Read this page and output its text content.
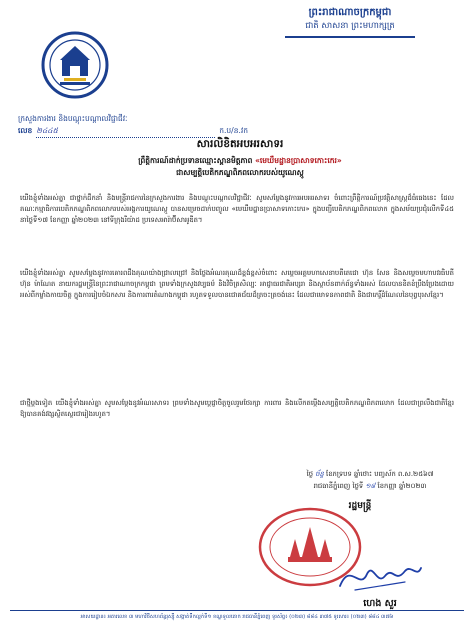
ព្រះរាជាណាចក្រកម្ពុជា
ជាតិ សាសនា ព្រះមហាក្សត្រ
ក្រសួងការងារ និងបណ្តុះបណ្តាលវិជ្ជាជីវៈ
លេខ ២៤៤៥	ក.ប/ន.វក
សារលិខិតអបអរសាទរ
ព្រឹត្តិការណ៍ដាក់ប្រទានឈ្មោះស្ពានមិត្តភាព «មេឃឹមដ្ឋានប្រាសាទកោះកេរ»
ជាសម្បត្តិបេតិកភណ្ឌពិភពលោករបស់យូណេស្កូ
យើងខ្ញុំទាំងអស់គ្នា ជាថ្នាក់ដឹកនាំ និងមន្ត្រីរាជការនៃក្រសួងការងារ និងបណ្តុះបណ្តាលវិជ្ជាជីវៈ សូមសម្តែងនូវការអបអរសាទរ ចំពោះព្រឹត្តិការណ៍ប្រវត្តិសាស្ត្រដ៏ធំធេងនេះ ដែលគណៈកម្មាធិការបេតិកភណ្ឌពិភពលោករបស់អង្គការយូណេស្កូ បានសម្រេចដាក់បញ្ចូល «មេឃឹមដ្ឋានប្រាសាទកោះកេរ» ក្នុងបញ្ជីបេតិកភណ្ឌពិភពលោក ក្នុងសម័យប្រជុំលើកទី៤៥ នាថ្ងៃទី១៧ ខែកញ្ញា ឆ្នាំ២០២៣ នៅទីក្រុងរីយ៉ាដ ប្រទេសអារ៉ាប៊ីសាអូឌីត។
យើងខ្ញុំទាំងអស់គ្នា សូមសម្តែងនូវការគោរពដឹងគុណយ៉ាងជ្រាលជ្រៅ និងថ្លែងអំណរគុណដ៏ខ្ពង់ខ្ពស់ចំពោះ សម្តេចអគ្គមហាសេនាបតីតេជោ ហ៊ុន សែន និងសម្តេចមហាបវរធិបតី ហ៊ុន ម៉ាណែត នាយករដ្ឋមន្ត្រីនៃព្រះរាជាណាចក្រកម្ពុជា ព្រមទាំងក្រសួងវប្បធម៌ និងវិចិត្រសិល្បៈ អាជ្ញាធរជាតិអប្សរា និងស្ថាប័នពាក់ព័ន្ធទាំងអស់ ដែលបានខិតខំប្រឹងប្រែងដោយអស់ពីកម្លាំងកាយចិត្ត ក្នុងការរៀបចំឯកសារ និងការពារតំណាងកម្ពុជា រហូតទទួលបានជោគជ័យដ៏ត្រចះត្រចង់នេះ ដែលជាមោទនភាពជាតិ និងជាកេរ្តិ៍ដំណែលនៃបុព្វបុរសខ្មែរ។
ជាថ្មីម្តងទៀត យើងខ្ញុំទាំងអស់គ្នា សូមសម្តែងនូវអំណរសាទរ ព្រមទាំងសូមប្តេជ្ញាចិត្តចូលរួមថែរក្សា ការពារ និងលើកតម្កើងសម្បត្តិបេតិកភណ្ឌពិភពលោក ដែលជាព្រលឹងជាតិខ្មែរ ឱ្យបានគង់វង្សស្ថិតស្ថេរជារៀងរហូត។
ថ្ងៃ ច័ន្ទ ខែភទ្របទ ឆ្នាំថោះ បញ្ចស័ក ព.ស.២៥៦៧
រាជធានីភ្នំពេញ ថ្ងៃទី ១៨ ខែកញ្ញា ឆ្នាំ២០២៣
រដ្ឋមន្ត្រី
ហេង សួរ
អាសយដ្ឋាន៖ អគារលេខ ៣ មហាវិថីសហព័ន្ធរុស្ស៊ី សង្កាត់ទឹកល្អក់ទី១ ខណ្ឌទួលគោក រាជធានីភ្នំពេញ ទូរស័ព្ទ៖ (០២៣) ៨៨៤ ៣៧៥ ទូរសារ៖ (០២៣) ៨៨៤ ៣៧៦
